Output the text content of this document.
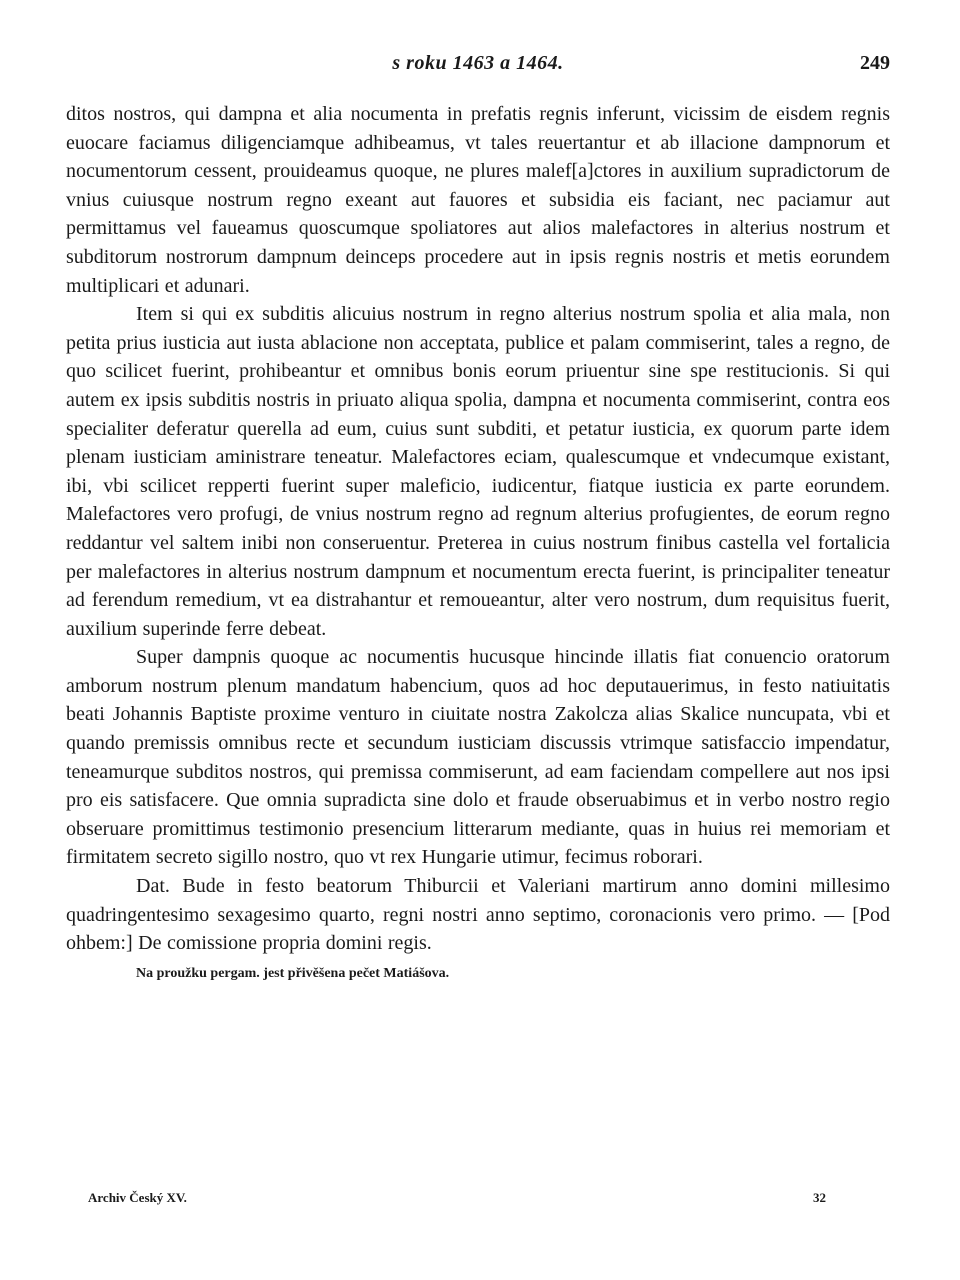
s roku 1463 a 1464.	249

ditos nostros, qui dampna et alia nocumenta in prefatis regnis inferunt, vicissim de eisdem regnis euocare faciamus diligenciamque adhibeamus, vt tales reuertantur et ab illacione dampnorum et nocumentorum cessent, prouideamus quoque, ne plures malef[a]ctores in auxilium supradictorum de vnius cuiusque nostrum regno exeant aut fauores et subsidia eis faciant, nec paciamur aut permittamus vel faueamus quoscumque spoliatores aut alios malefactores in alterius nostrum et subditorum nostrorum dampnum deinceps procedere aut in ipsis regnis nostris et metis eorundem multiplicari et adunari.

Item si qui ex subditis alicuius nostrum in regno alterius nostrum spolia et alia mala, non petita prius iusticia aut iusta ablacione non acceptata, publice et palam commiserint, tales a regno, de quo scilicet fuerint, prohibeantur et omnibus bonis eorum priuentur sine spe restitucionis. Si qui autem ex ipsis subditis nostris in priuato aliqua spolia, dampna et nocumenta commiserint, contra eos specialiter deferatur querella ad eum, cuius sunt subditi, et petatur iusticia, ex quorum parte idem plenam iusticiam aministrare teneatur. Malefactores eciam, qualescumque et vndecumque existant, ibi, vbi scilicet repperti fuerint super maleficio, iudicentur, fiatque iusticia ex parte eorundem. Malefactores vero profugi, de vnius nostrum regno ad regnum alterius profugientes, de eorum regno reddantur vel saltem inibi non conseruentur. Preterea in cuius nostrum finibus castella vel fortalicia per malefactores in alterius nostrum dampnum et nocumentum erecta fuerint, is principaliter teneatur ad ferendum remedium, vt ea distrahantur et remoueantur, alter vero nostrum, dum requisitus fuerit, auxilium superinde ferre debeat.

Super dampnis quoque ac nocumentis hucusque hincinde illatis fiat conuencio oratorum amborum nostrum plenum mandatum habencium, quos ad hoc deputauerimus, in festo natiuitatis beati Johannis Baptiste proxime venturo in ciuitate nostra Zakolcza alias Skalice nuncupata, vbi et quando premissis omnibus recte et secundum iusticiam discussis vtrimque satisfaccio impendatur, teneamurque subditos nostros, qui premissa commiserunt, ad eam faciendam compellere aut nos ipsi pro eis satisfacere. Que omnia supradicta sine dolo et fraude obseruabimus et in verbo nostro regio obseruare promittimus testimonio presencium litterarum mediante, quas in huius rei memoriam et firmitatem secreto sigillo nostro, quo vt rex Hungarie utimur, fecimus roborari.

Dat. Bude in festo beatorum Thiburcii et Valeriani martirum anno domini millesimo quadringentesimo sexagesimo quarto, regni nostri anno septimo, coronacionis vero primo. — [Pod ohbem:] De comissione propria domini regis.

Na proužku pergam. jest přivěšena pečet Matiášova.

Archiv Český XV.	32
